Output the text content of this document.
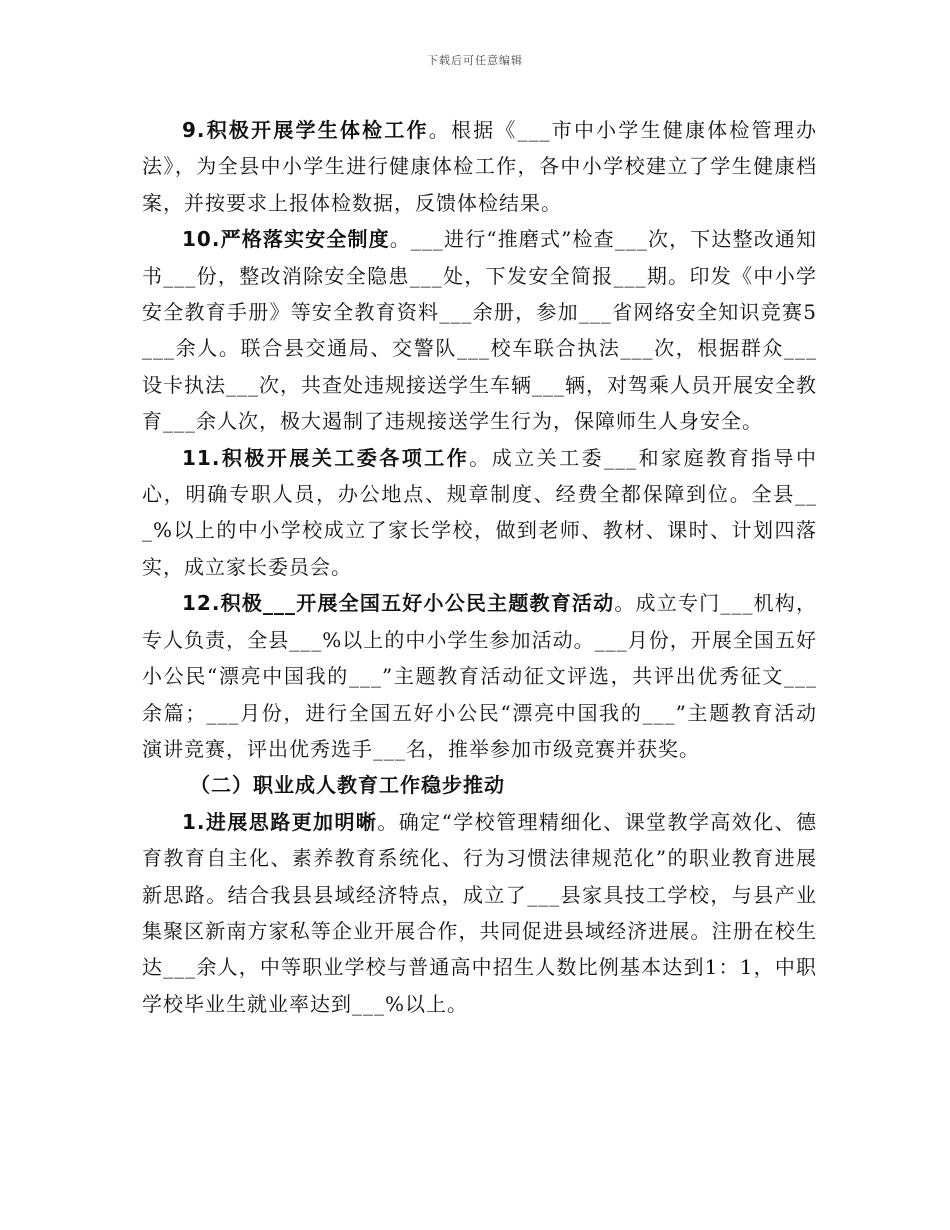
下载后可任意编辑

9.积极开展学生体检工作。根据《___市中小学生健康体检管理办法》，为全县中小学生进行健康体检工作，各中小学校建立了学生健康档案，并按要求上报体检数据，反馈体检结果。

10.严格落实安全制度。___进行“推磨式”检查___次，下达整改通知书___份，整改消除安全隐患___处，下发安全简报___期。印发《中小学安全教育手册》等安全教育资料___余册，参加___省网络安全知识竞赛5___余人。联合县交通局、交警队___校车联合执法___次，根据群众___设卡执法___次，共查处违规接送学生车辆___辆，对驾乘人员开展安全教育___余人次，极大遏制了违规接送学生行为，保障师生人身安全。

11.积极开展关工委各项工作。成立关工委___和家庭教育指导中心，明确专职人员，办公地点、规章制度、经费全都保障到位。全县___%以上的中小学校成立了家长学校，做到老师、教材、课时、计划四落实，成立家长委员会。

12.积极___开展全国五好小公民主题教育活动。成立专门___机构，专人负责，全县___%以上的中小学生参加活动。___月份，开展全国五好小公民“漂亮中国我的___”主题教育活动征文评选，共评出优秀征文___余篇；___月份，进行全国五好小公民“漂亮中国我的___”主题教育活动演讲竞赛，评出优秀选手___名，推举参加市级竞赛并获奖。

（二）职业成人教育工作稳步推动

1.进展思路更加明晰。确定“学校管理精细化、课堂教学高效化、德育教育自主化、素养教育系统化、行为习惯法律规范化”的职业教育进展新思路。结合我县县域经济特点，成立了___县家具技工学校，与县产业集聚区新南方家私等企业开展合作，共同促进县域经济进展。注册在校生达___余人，中等职业学校与普通高中招生人数比例基本达到1：1，中职学校毕业生就业率达到___%以上。
